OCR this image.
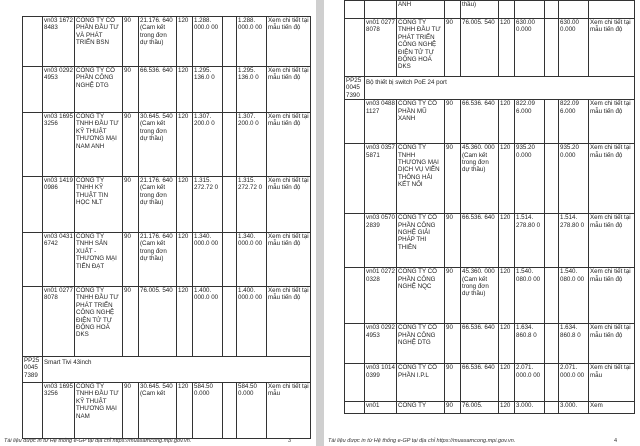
	vn03 1672 8483	CÔNG TY CỔ PHẦN ĐẦU TƯ VÀ PHÁT TRIỂN BSN	90	21.176. 640 (Cam kết trong đơn dự thầu)	120	1.288. 000.0 00		1.288. 000.0 00	Xem chi tiết tại mẫu tiến độ
	vn03 0292 4953	CÔNG TY CỔ PHẦN CÔNG NGHỆ DTG	90	66.536. 640	120	1.295. 136.0 0		1.295. 136.0 0	Xem chi tiết tại mẫu tiến độ
	vn03 1695 3256	CÔNG TY TNHH ĐẦU TƯ KỸ THUẬT THƯƠNG MẠI NAM ANH	90	30.645. 540 (Cam kết trong đơn dự thầu)	120	1.307. 200.0 0		1.307. 200.0 0	Xem chi tiết tại mẫu tiến độ
	vn03 1419 0986	CÔNG TY TNHH KỸ THUẬT TIN HỌC NLT	90	21.176. 640 (Cam kết trong đơn dự thầu)	120	1.315. 272.72 0		1.315. 272.72 0	Xem chi tiết tại mẫu tiến độ
	vn03 0431 6742	CÔNG TY TNHH SẢN XUẤT - THƯƠNG MẠI TIẾN ĐẠT	90	21.176. 640 (Cam kết trong đơn dự thầu)	120	1.340. 000.0 00		1.340. 000.0 00	Xem chi tiết tại mẫu tiến độ
	vn01 0277 8078	CÔNG TY TNHH ĐẦU TƯ PHÁT TRIỂN CÔNG NGHỆ ĐIỆN TỬ TỰ ĐỘNG HOÁ DKS	90	76.005. 540	120	1.400. 000.0 00		1.400. 000.0 00	Xem chi tiết tại mẫu tiến độ
PP25 0045 7389	Smart Tivi 43inch								
	vn03 1695 3256	CÔNG TY TNHH ĐẦU TƯ KỸ THUẬT THƯƠNG MẠI NAM	90	30.645. 540 (Cam kết	120	584.50 0.000		584.50 0.000	Xem chi tiết tại mẫu
Tài liệu được in từ Hệ thống e-GP tại địa chỉ https://muasamcong.mpi.gov.vn.	3
		ANH		thầu)					
	vn01 0277 8078	CÔNG TY TNHH ĐẦU TƯ PHÁT TRIỂN CÔNG NGHỆ ĐIỆN TỬ TỰ ĐỘNG HOÁ DKS	90	76.005. 540	120	630.00 0.000		630.00 0.000	Xem chi tiết tại mẫu tiến độ
PP25 0045 7390	Bộ thiết bị switch PoE 24 port								
	vn03 0488 1127	CÔNG TY CỔ PHẦN MŨ XANH	90	66.536. 640	120	822.09 6.000		822.09 6.000	Xem chi tiết tại mẫu tiến độ
	vn03 0357 5871	CÔNG TY TNHH THƯƠNG MẠI DỊCH VỤ VIỄN THÔNG HẢI KẾT NỐI	90	45.360. 000 (Cam kết trong đơn dự thầu)	120	935.20 0.000		935.20 0.000	Xem chi tiết tại mẫu tiến độ
	vn03 0570 2839	CÔNG TY CỔ PHẦN CÔNG NGHỆ GIẢI PHÁP THI THIÊN	90	66.536. 640	120	1.514. 278.80 0		1.514. 278.80 0	Xem chi tiết tại mẫu tiến độ
	vn01 0272 0328	CÔNG TY CỔ PHẦN CÔNG NGHỆ NQC	90	45.360. 000 (Cam kết trong đơn dự thầu)	120	1.540. 080.0 00		1.540. 080.0 00	Xem chi tiết tại mẫu tiến độ
	vn03 0292 4953	CÔNG TY CỔ PHẦN CÔNG NGHỆ DTG	90	66.536. 640	120	1.634. 860.8 0		1.634. 860.8 0	Xem chi tiết tại mẫu tiến độ
	vn03 1014 0399	CÔNG TY CỔ PHẦN I.P.L	90	66.536. 640	120	2.071. 000.0 00		2.071. 000.0 00	Xem chi tiết tại mẫu
	vn01	CÔNG TY	90	76.005.	120	3.000.		3.000.	Xem
Tài liệu được in từ Hệ thống e-GP tại địa chỉ https://muasamcong.mpi.gov.vn.	4
